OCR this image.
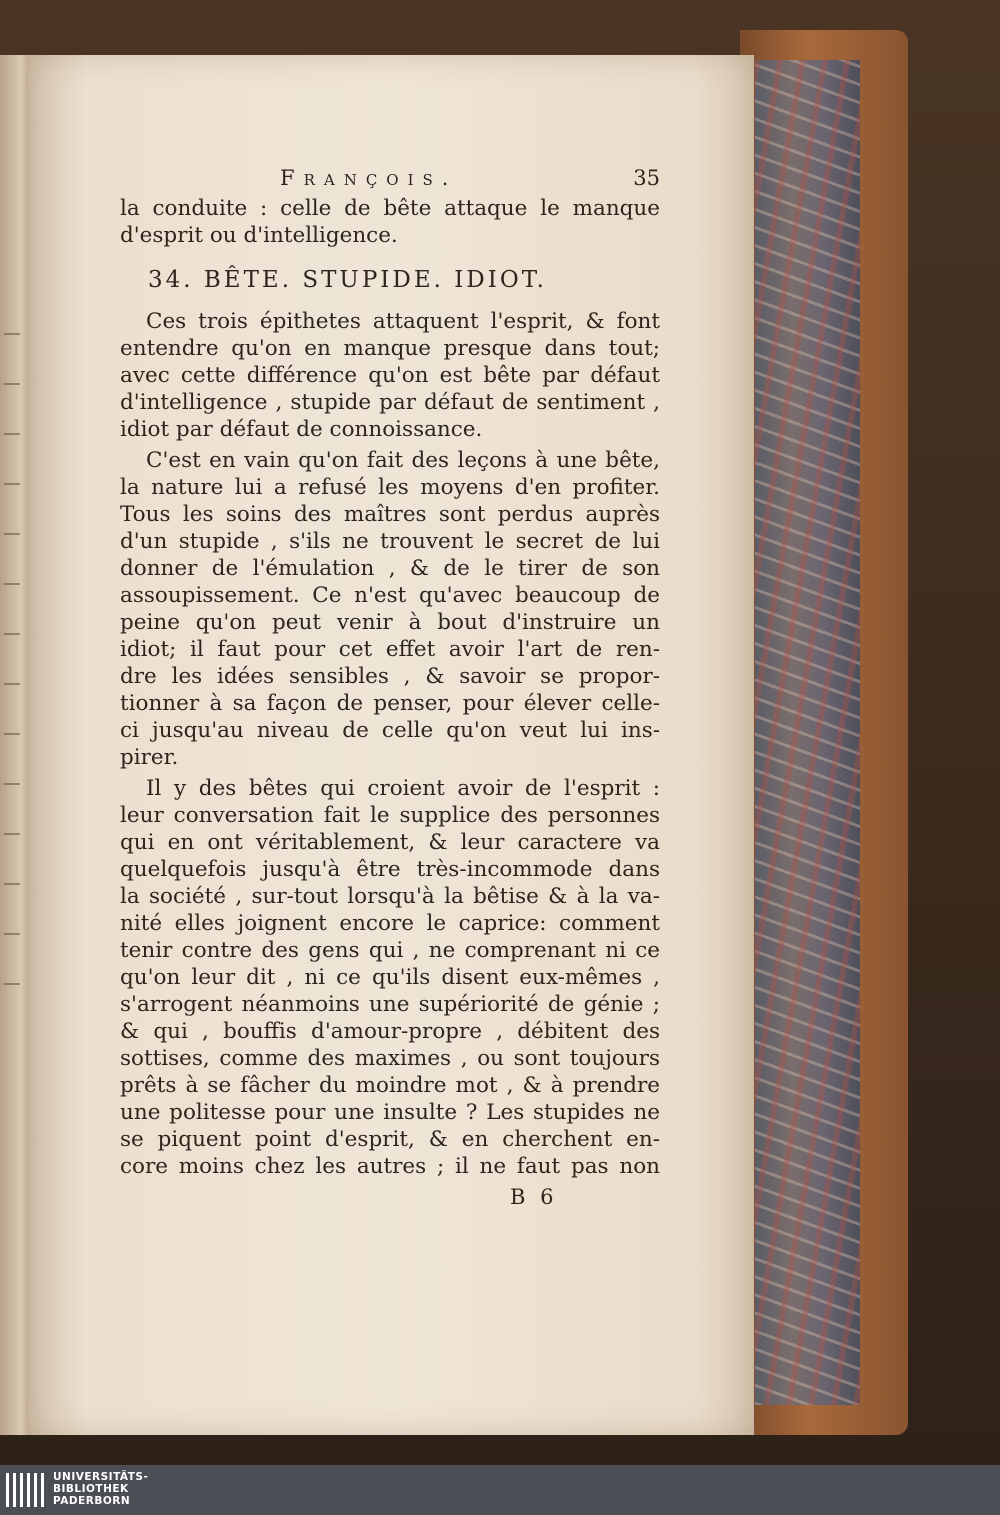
François.	35
la conduite : celle de bête attaque le manque
d'esprit ou d'intelligence.
34. BÊTE. STUPIDE. IDIOT.
Ces trois épithetes attaquent l'esprit, & font
entendre qu'on en manque presque dans tout;
avec cette différence qu'on est bête par défaut
d'intelligence , stupide par défaut de sentiment ,
idiot par défaut de connoissance.
C'est en vain qu'on fait des leçons à une bête,
la nature lui a refusé les moyens d'en profiter.
Tous les soins des maîtres sont perdus auprès
d'un stupide , s'ils ne trouvent le secret de lui
donner de l'émulation , & de le tirer de son
assoupissement. Ce n'est qu'avec beaucoup de
peine qu'on peut venir à bout d'instruire un
idiot; il faut pour cet effet avoir l'art de ren-
dre les idées sensibles , & savoir se propor-
tionner à sa façon de penser, pour élever celle-
ci jusqu'au niveau de celle qu'on veut lui ins-
pirer.
Il y des bêtes qui croient avoir de l'esprit :
leur conversation fait le supplice des personnes
qui en ont véritablement, & leur caractere va
quelquefois jusqu'à être très-incommode dans
la société , sur-tout lorsqu'à la bêtise & à la va-
nité elles joignent encore le caprice: comment
tenir contre des gens qui , ne comprenant ni ce
qu'on leur dit , ni ce qu'ils disent eux-mêmes ,
s'arrogent néanmoins une supériorité de génie ;
& qui , bouffis d'amour-propre , débitent des
sottises, comme des maximes , ou sont toujours
prêts à se fâcher du moindre mot , & à prendre
une politesse pour une insulte ? Les stupides ne
se piquent point d'esprit, & en cherchent en-
core moins chez les autres ; il ne faut pas non
B 6
UNIVERSITÄTS-
BIBLIOTHEK
PADERBORN
